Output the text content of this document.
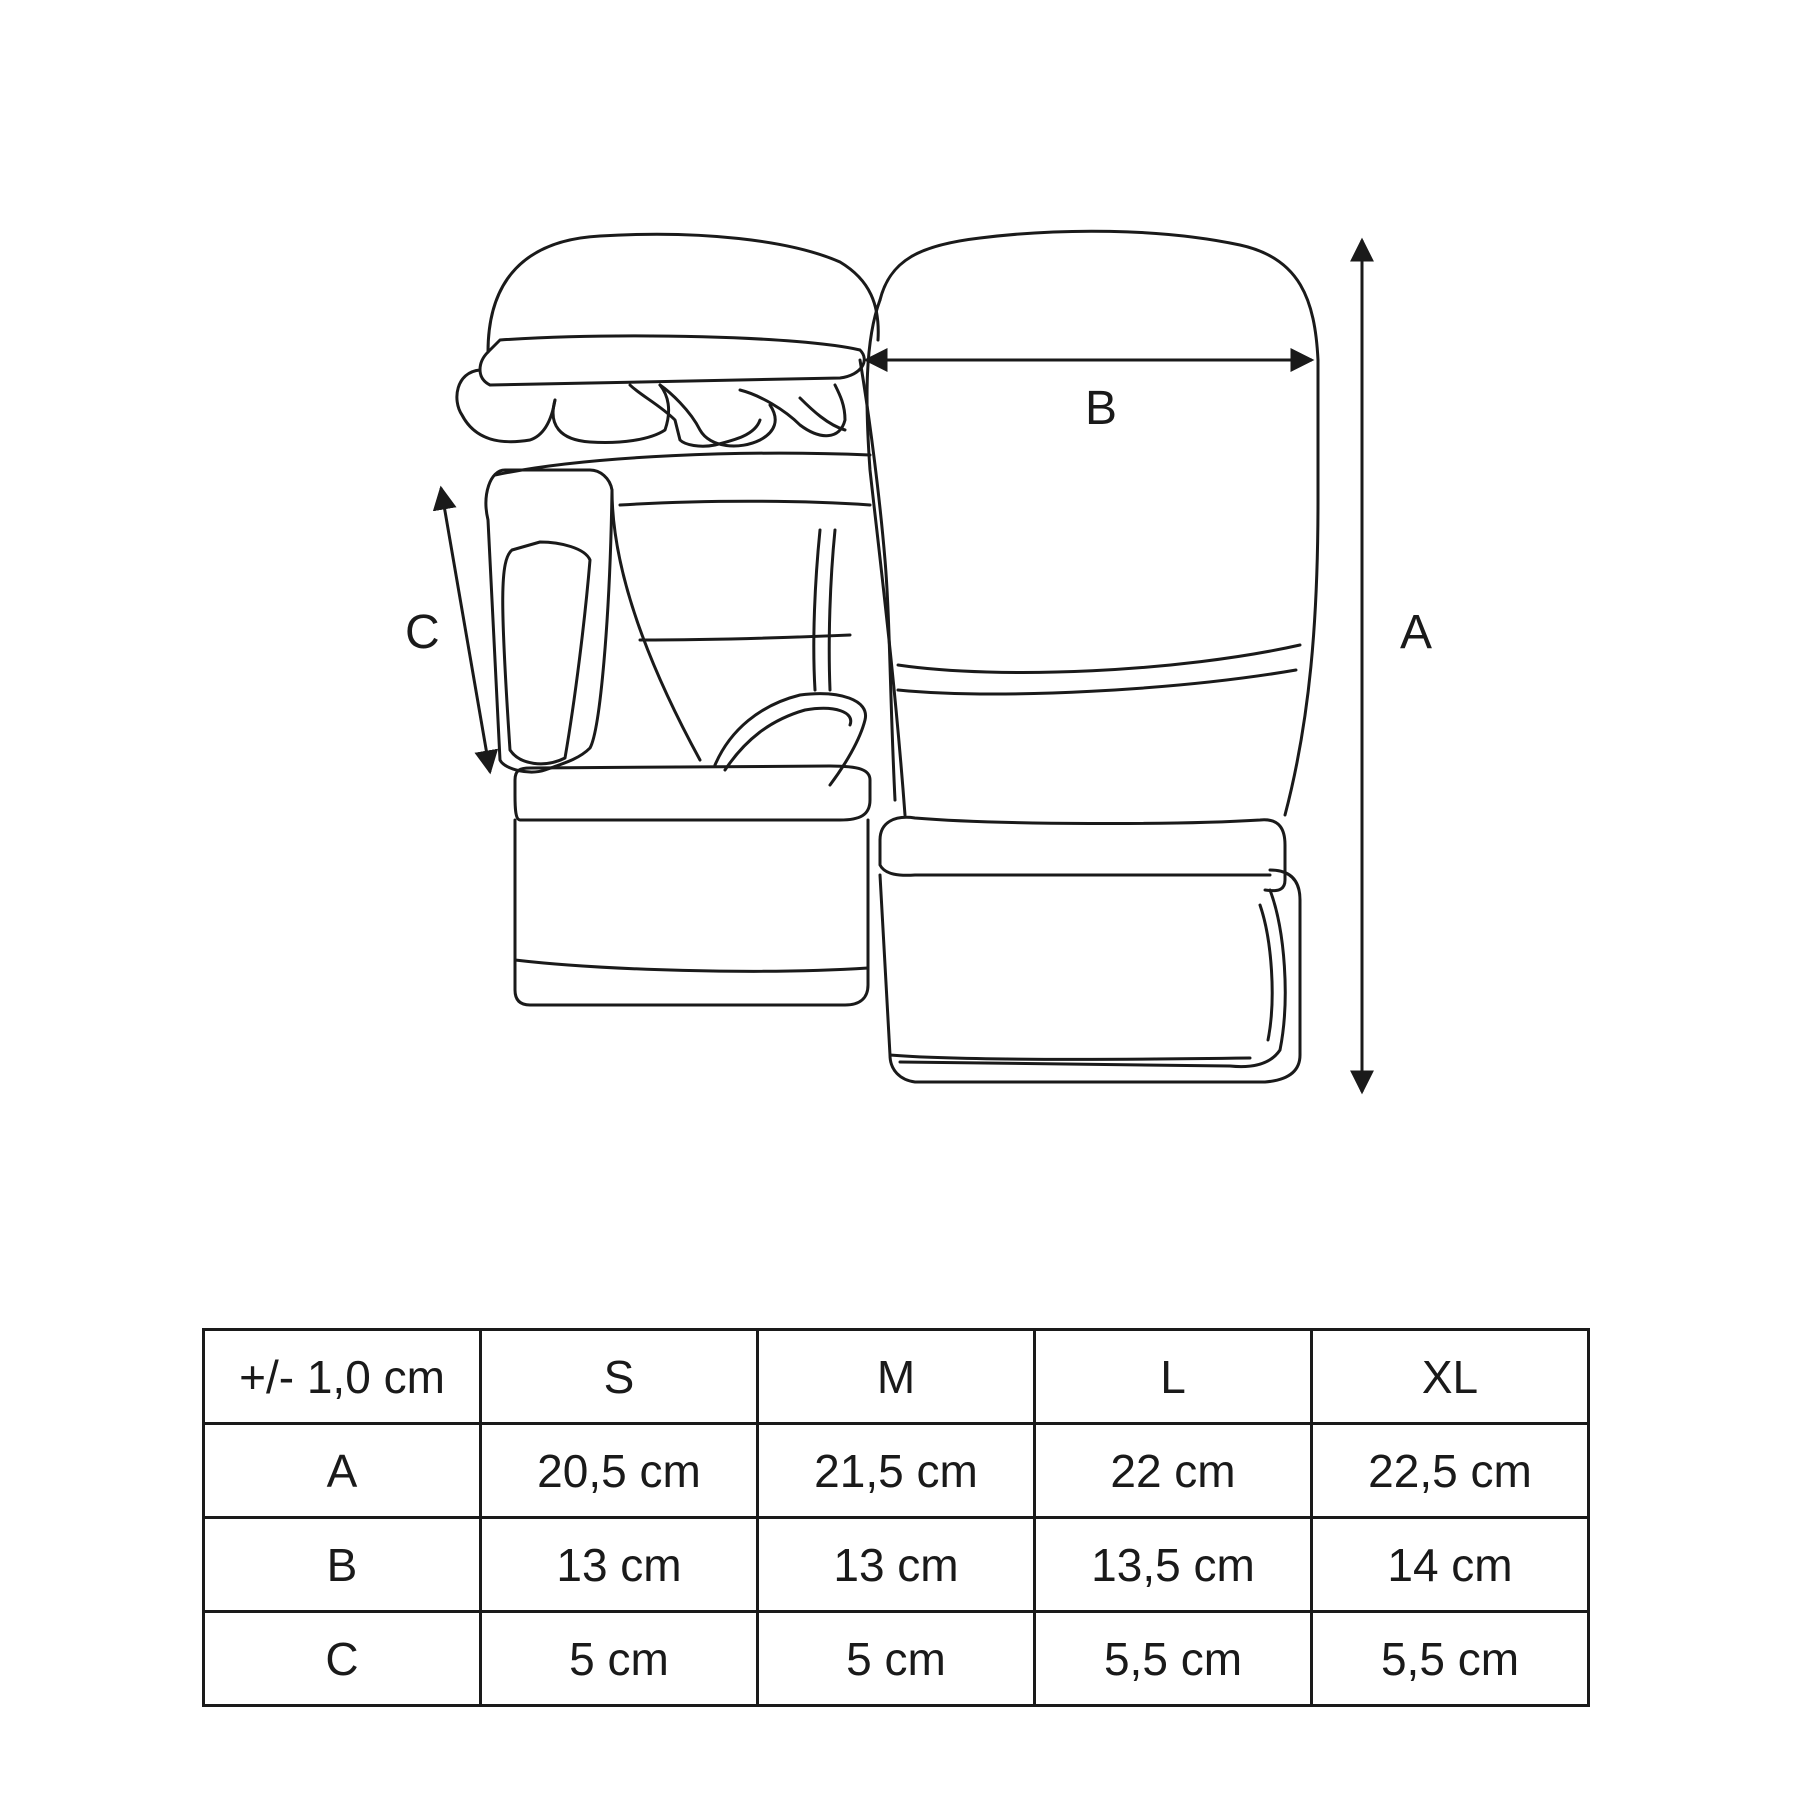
A
B
C
+/- 1,0 cm	S	M	L	XL
A	20,5 cm	21,5 cm	22 cm	22,5 cm
B	13 cm	13 cm	13,5 cm	14 cm
C	5 cm	5 cm	5,5 cm	5,5 cm
